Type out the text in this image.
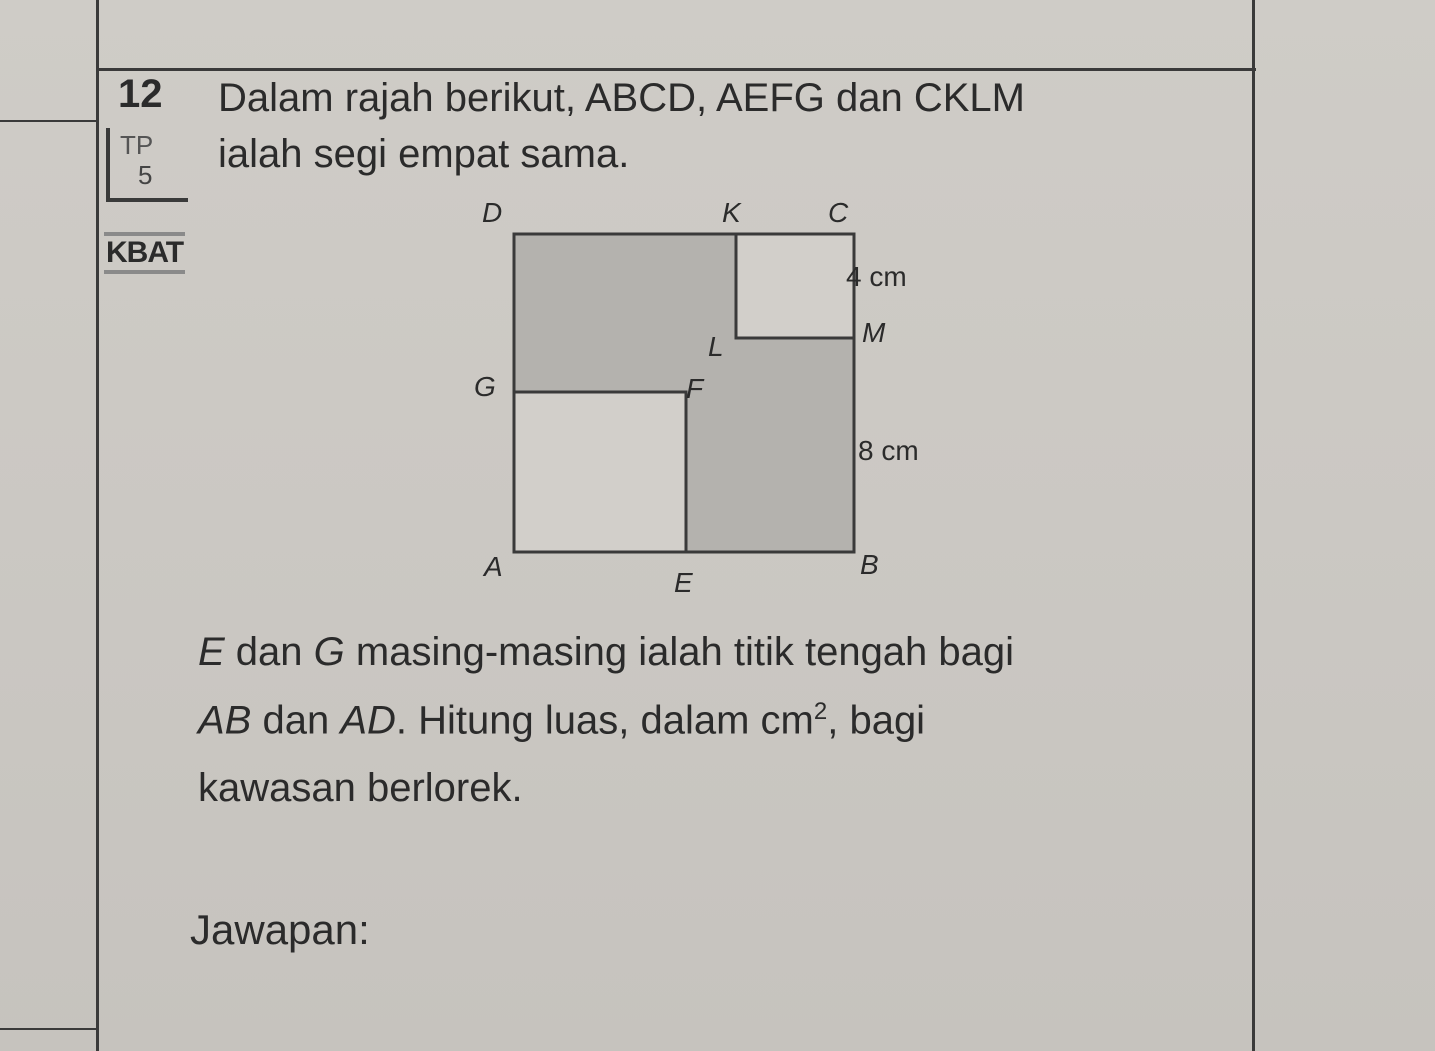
12 Dalam rajah berikut, ABCD, AEFG dan CKLM
ialah segi empat sama.
TP
5
KBAT
D	K	C
4 cm
L	M
G	F
8 cm
A
E
B
E dan G masing-masing ialah titik tengah bagi
AB dan AD. Hitung luas, dalam $cm^2$, bagi
kawasan berlorek.
Jawapan:
